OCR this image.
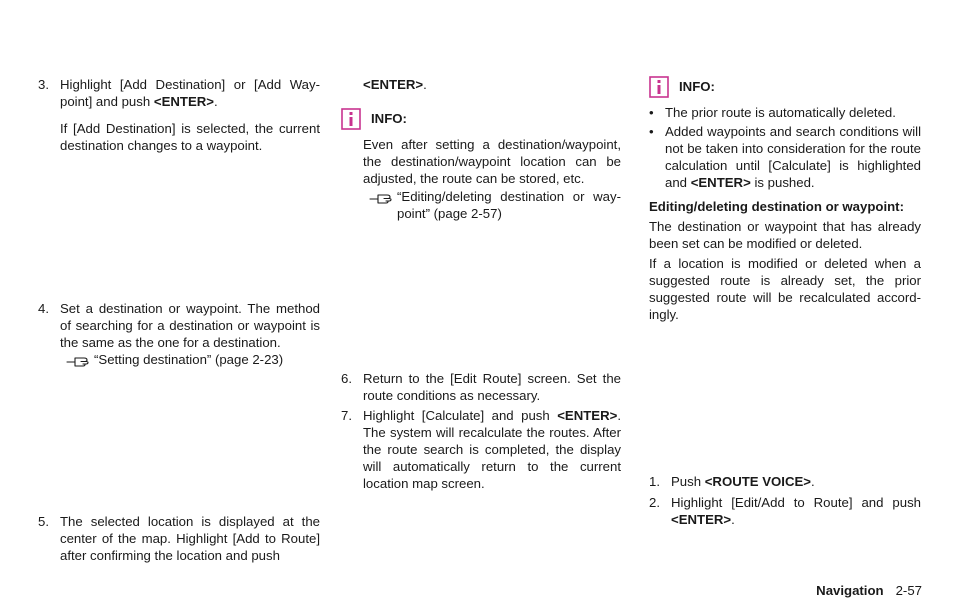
3. Highlight [Add Destination] or [Add Way-point] and push <ENTER>.
If [Add Destination] is selected, the current destination changes to a waypoint.
4. Set a destination or waypoint. The method of searching for a destination or waypoint is the same as the one for a destination.
“Setting destination” (page 2-23)
5. The selected location is displayed at the center of the map. Highlight [Add to Route] after confirming the location and push
<ENTER>.
INFO:
Even after setting a destination/waypoint, the destination/waypoint location can be adjusted, the route can be stored, etc.
“Editing/deleting destination or way-point” (page 2-57)
6. Return to the [Edit Route] screen. Set the route conditions as necessary.
7. Highlight [Calculate] and push <ENTER>. The system will recalculate the routes. After the route search is completed, the display will automatically return to the current location map screen.
INFO:
• The prior route is automatically deleted.
• Added waypoints and search conditions will not be taken into consideration for the route calculation until [Calculate] is highlighted and <ENTER> is pushed.
Editing/deleting destination or waypoint:
The destination or waypoint that has already been set can be modified or deleted.
If a location is modified or deleted when a suggested route is already set, the prior suggested route will be recalculated accord-ingly.
1. Push <ROUTE VOICE>.
2. Highlight [Edit/Add to Route] and push <ENTER>.
Navigation 2-57
